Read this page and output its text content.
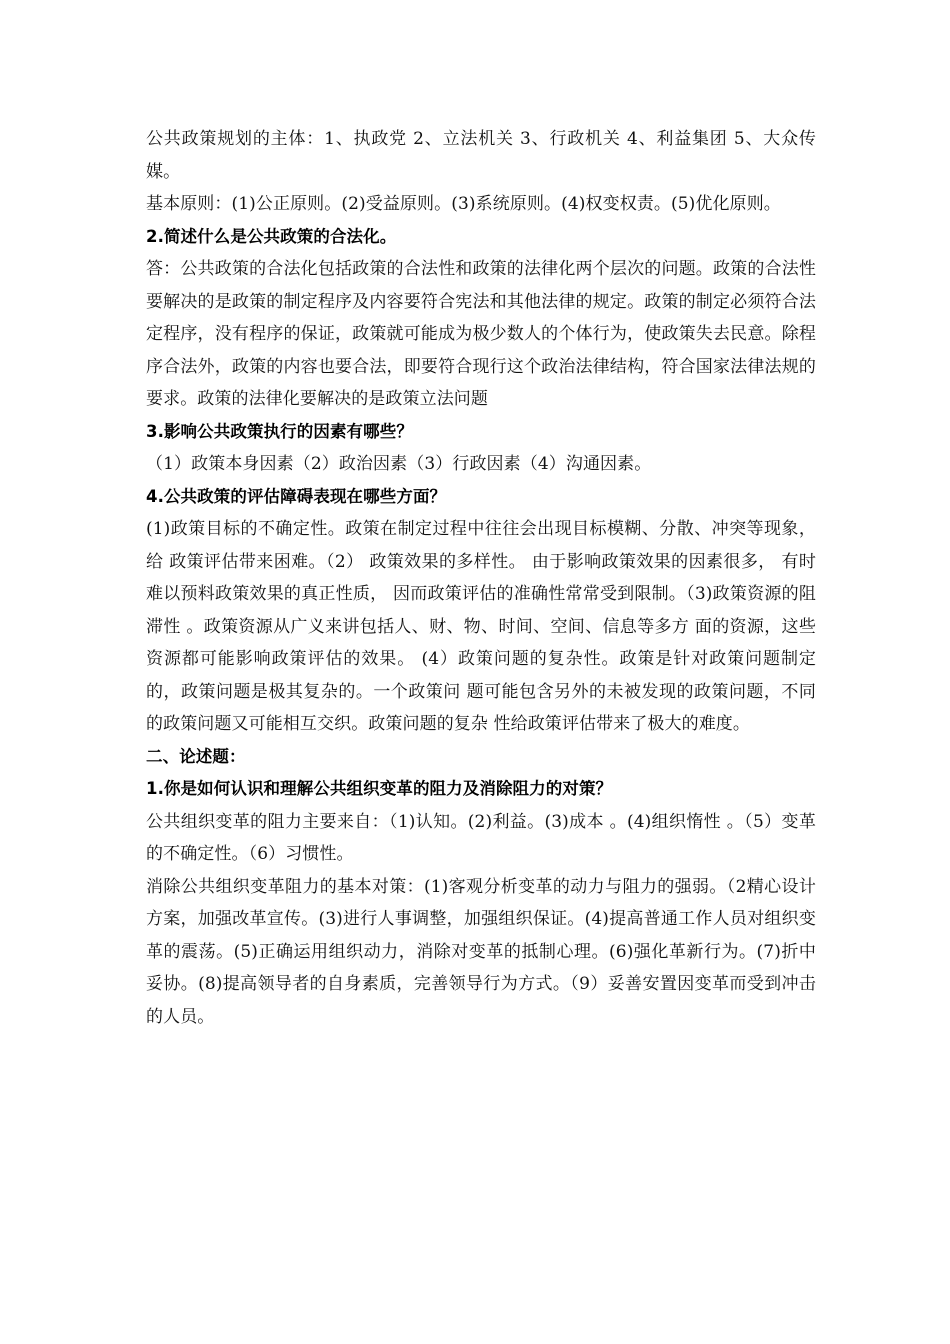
公共政策规划的主体：1、执政党 2、立法机关 3、行政机关 4、利益集团 5、大众传媒。

基本原则：(1)公正原则。(2)受益原则。(3)系统原则。(4)权变权责。(5)优化原则。

2.简述什么是公共政策的合法化。

答：公共政策的合法化包括政策的合法性和政策的法律化两个层次的问题。政策的合法性要解决的是政策的制定程序及内容要符合宪法和其他法律的规定。政策的制定必须符合法定程序，没有程序的保证，政策就可能成为极少数人的个体行为，使政策失去民意。除程序合法外，政策的内容也要合法，即要符合现行这个政治法律结构，符合国家法律法规的要求。政策的法律化要解决的是政策立法问题

3.影响公共政策执行的因素有哪些？

（1）政策本身因素（2）政治因素（3）行政因素（4）沟通因素。

4.公共政策的评估障碍表现在哪些方面？

(1)政策目标的不确定性。政策在制定过程中往往会出现目标模糊、分散、冲突等现象，给 政策评估带来困难。（2） 政策效果的多样性。 由于影响政策效果的因素很多， 有时难以预料政策效果的真正性质， 因而政策评估的准确性常常受到限制。（3)政策资源的阻滞性 。政策资源从广义来讲包括人、财、物、时间、空间、信息等多方 面的资源，这些资源都可能影响政策评估的效果。 (4）政策问题的复杂性。政策是针对政策问题制定的，政策问题是极其复杂的。一个政策问 题可能包含另外的未被发现的政策问题，不同的政策问题又可能相互交织。政策问题的复杂 性给政策评估带来了极大的难度。

二、论述题：

1.你是如何认识和理解公共组织变革的阻力及消除阻力的对策？

公共组织变革的阻力主要来自：（1)认知。(2)利益。(3)成本 。(4)组织惰性 。（5）变革的不确定性。（6）习惯性。

消除公共组织变革阻力的基本对策：(1)客观分析变革的动力与阻力的强弱。（2精心设计方案，加强改革宣传。(3)进行人事调整，加强组织保证。(4)提高普通工作人员对组织变革的震荡。(5)正确运用组织动力，消除对变革的抵制心理。(6)强化革新行为。(7)折中妥协。(8)提高领导者的自身素质，完善领导行为方式。（9）妥善安置因变革而受到冲击的人员。
